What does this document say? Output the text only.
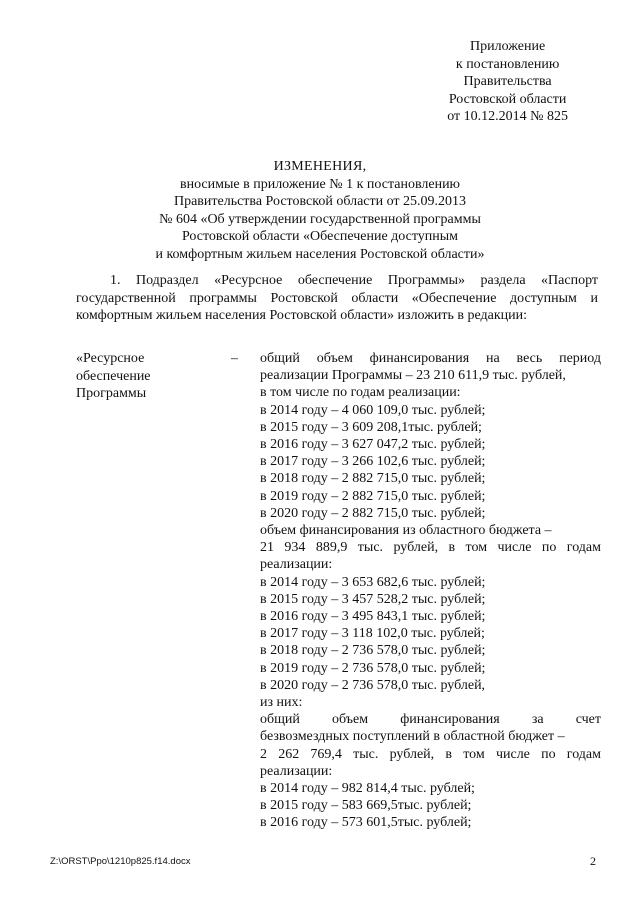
Приложение
к постановлению
Правительства
Ростовской области
от 10.12.2014 № 825
ИЗМЕНЕНИЯ,
вносимые в приложение № 1 к постановлению
Правительства Ростовской области от 25.09.2013
№ 604 «Об утверждении государственной программы
Ростовской области «Обеспечение доступным
и комфортным жильем населения Ростовской области»
1. Подраздел «Ресурсное обеспечение Программы» раздела «Паспорт государственной программы Ростовской области «Обеспечение доступным и комфортным жильем населения Ростовской области» изложить в редакции:
«Ресурсное
обеспечение
Программы
– общий объем финансирования на весь период
реализации Программы – 23 210 611,9 тыс. рублей,
в том числе по годам реализации:
в 2014 году – 4 060 109,0 тыс. рублей;
в 2015 году – 3 609 208,1тыс. рублей;
в 2016 году – 3 627 047,2 тыс. рублей;
в 2017 году – 3 266 102,6 тыс. рублей;
в 2018 году – 2 882 715,0 тыс. рублей;
в 2019 году – 2 882 715,0 тыс. рублей;
в 2020 году – 2 882 715,0 тыс. рублей;
объем финансирования из областного бюджета –
21 934 889,9 тыс. рублей, в том числе по годам
реализации:
в 2014 году – 3 653 682,6 тыс. рублей;
в 2015 году – 3 457 528,2 тыс. рублей;
в 2016 году – 3 495 843,1 тыс. рублей;
в 2017 году – 3 118 102,0 тыс. рублей;
в 2018 году – 2 736 578,0 тыс. рублей;
в 2019 году – 2 736 578,0 тыс. рублей;
в 2020 году – 2 736 578,0 тыс. рублей,
из них:
общий объем финансирования за счет
безвозмездных поступлений в областной бюджет –
2 262 769,4 тыс. рублей, в том числе по годам
реализации:
в 2014 году – 982 814,4 тыс. рублей;
в 2015 году – 583 669,5тыс. рублей;
в 2016 году – 573 601,5тыс. рублей;
Z:\ORST\Ppo\1210p825.f14.docx	2
